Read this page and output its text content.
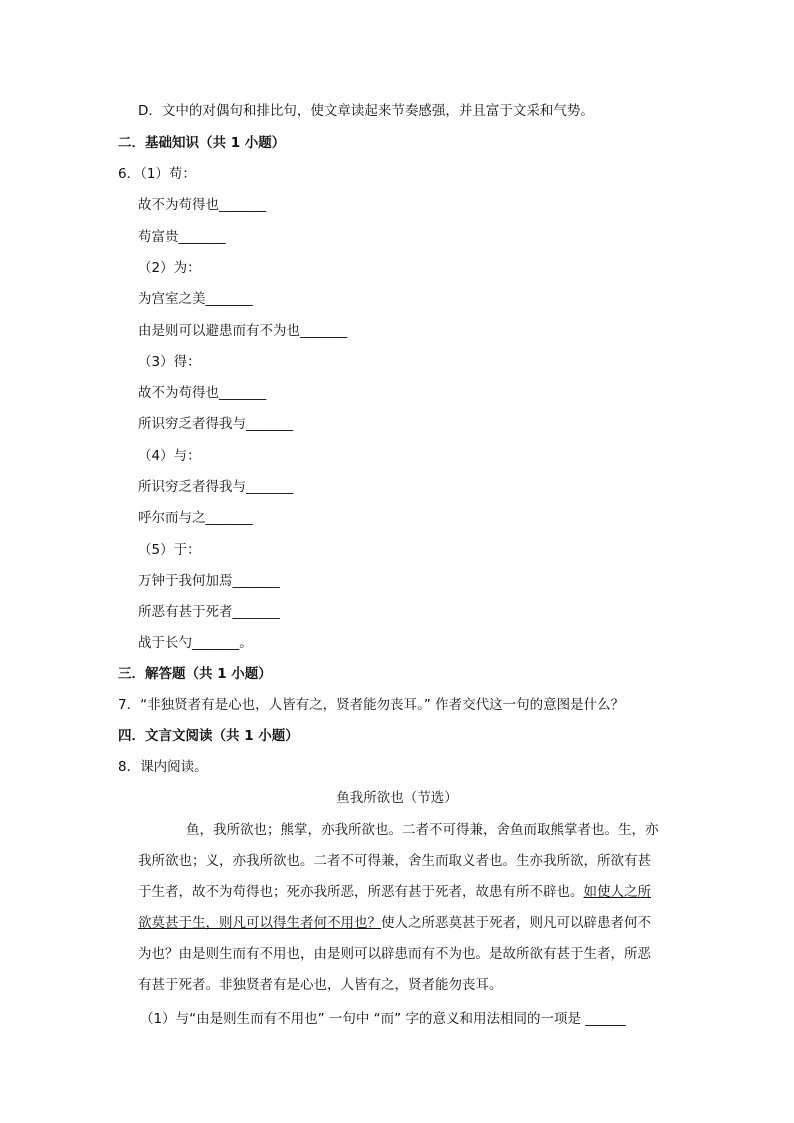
D．文中的对偶句和排比句，使文章读起来节奏感强，并且富于文采和气势。
二．基础知识（共 1 小题）
6．（1）苟：
故不为苟得也_______
苟富贵_______
（2）为：
为宫室之美_______
由是则可以避患而有不为也_______
（3）得：
故不为苟得也_______
所识穷乏者得我与_______
（4）与：
所识穷乏者得我与_______
呼尔而与之_______
（5）于：
万钟于我何加焉_______
所恶有甚于死者_______
战于长勺_______。
三．解答题（共 1 小题）
7．“非独贤者有是心也，人皆有之，贤者能勿丧耳。” 作者交代这一句的意图是什么？
四．文言文阅读（共 1 小题）
8．课内阅读。
鱼我所欲也（节选）
鱼，我所欲也；熊掌，亦我所欲也。二者不可得兼，舍鱼而取熊掌者也。生，亦
我所欲也；义，亦我所欲也。二者不可得兼，舍生而取义者也。生亦我所欲，所欲有甚
于生者，故不为苟得也；死亦我所恶，所恶有甚于死者，故患有所不辟也。如使人之所
欲莫甚于生，则凡可以得生者何不用也？使人之所恶莫甚于死者，则凡可以辟患者何不
为也？由是则生而有不用也，由是则可以辟患而有不为也。是故所欲有甚于生者，所恶
有甚于死者。非独贤者有是心也，人皆有之，贤者能勿丧耳。
（1）与“由是则生而有不用也” 一句中 “而” 字的意义和用法相同的一项是 ______
